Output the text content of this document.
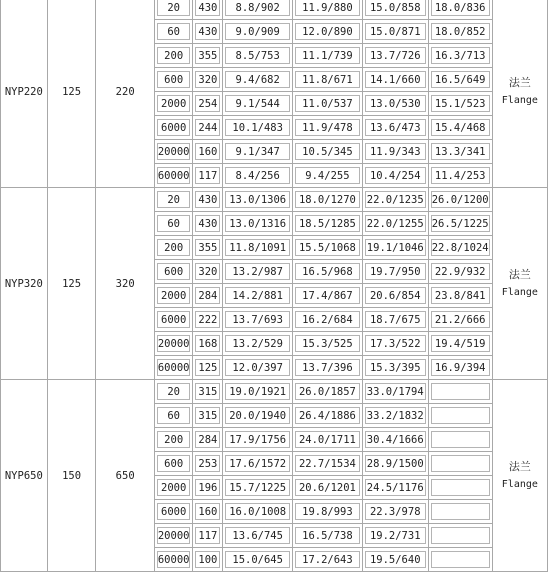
NYP220	125	220	20	430	8.8/902	11.9/880	15.0/858	18.0/836	法兰
Flange

			60	430	9.0/909	12.0/890	15.0/871	18.0/852	

			200	355	8.5/753	11.1/739	13.7/726	16.3/713	

			600	320	9.4/682	11.8/671	14.1/660	16.5/649	

			2000	254	9.1/544	11.0/537	13.0/530	15.1/523	

			6000	244	10.1/483	11.9/478	13.6/473	15.4/468	

			20000	160	9.1/347	10.5/345	11.9/343	13.3/341	

			60000	117	8.4/256	9.4/255	10.4/254	11.4/253	

NYP320	125	320	20	430	13.0/1306	18.0/1270	22.0/1235	26.0/1200	法兰
Flange

			60	430	13.0/1316	18.5/1285	22.0/1255	26.5/1225	

			200	355	11.8/1091	15.5/1068	19.1/1046	22.8/1024	

			600	320	13.2/987	16.5/968	19.7/950	22.9/932	

			2000	284	14.2/881	17.4/867	20.6/854	23.8/841	

			6000	222	13.7/693	16.2/684	18.7/675	21.2/666	

			20000	168	13.2/529	15.3/525	17.3/522	19.4/519	

			60000	125	12.0/397	13.7/396	15.3/395	16.9/394	

NYP650	150	650	20	315	19.0/1921	26.0/1857	33.0/1794		法兰
Flange

			60	315	20.0/1940	26.4/1886	33.2/1832		

			200	284	17.9/1756	24.0/1711	30.4/1666		

			600	253	17.6/1572	22.7/1534	28.9/1500		

			2000	196	15.7/1225	20.6/1201	24.5/1176		

			6000	160	16.0/1008	19.8/993	22.3/978		

			20000	117	13.6/745	16.5/738	19.2/731		

			60000	100	15.0/645	17.2/643	19.5/640		
